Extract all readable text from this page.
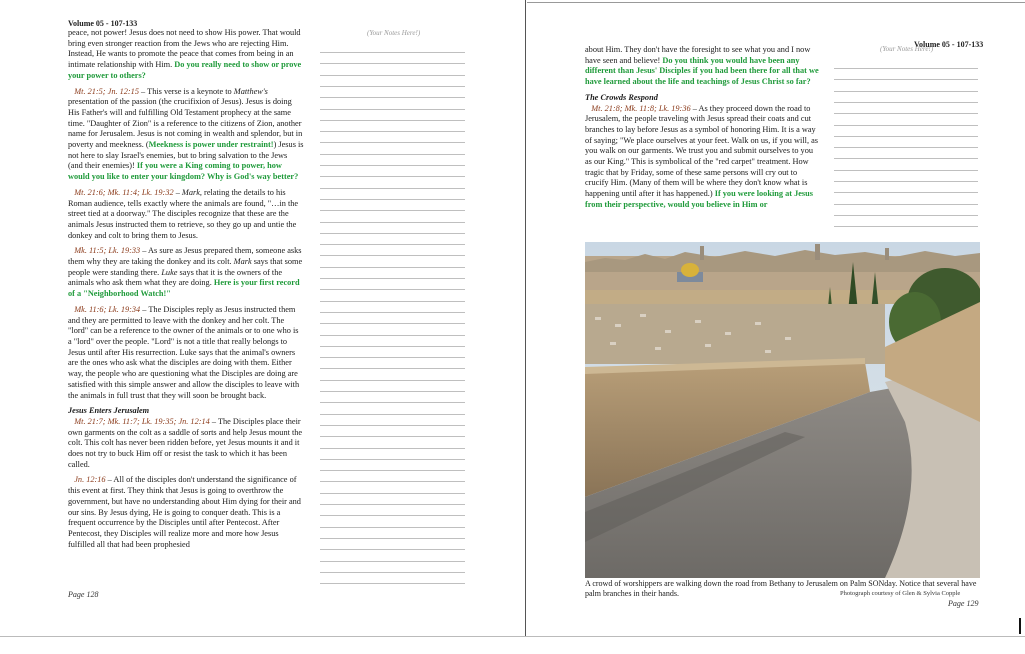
Volume 05 - 107-133

peace, not power! Jesus does not need to show His power. That would bring even stronger reaction from the Jews who are rejecting Him. Instead, He wants to promote the peace that comes from being in an intimate relationship with Him. Do you really need to show or prove your power to others?

Mt. 21:5; Jn. 12:15 – This verse is a keynote to Matthew's presentation of the passion (the crucifixion of Jesus). Jesus is doing His Father's will and fulfilling Old Testament prophecy at the same time. "Daughter of Zion" is a reference to the citizens of Zion, another name for Jerusalem. Jesus is not coming in wealth and splendor, but in poverty and meekness. (Meekness is power under restraint!) Jesus is not here to slay Israel's enemies, but to bring salvation to the Jews (and their enemies)! If you were a King coming to power, how would you like to enter your kingdom? Why is God's way better?

Mt. 21:6; Mk. 11:4; Lk. 19:32 – Mark, relating the details to his Roman audience, tells exactly where the animals are found, "…in the street tied at a doorway." The disciples recognize that these are the animals Jesus instructed them to retrieve, so they go up and untie the donkey and colt to bring them to Jesus.

Mk. 11:5; Lk. 19:33 – As sure as Jesus prepared them, someone asks them why they are taking the donkey and its colt. Mark says that some people were standing there. Luke says that it is the owners of the animals who ask them what they are doing. Here is your first record of a "Neighborhood Watch!"

Mk. 11:6; Lk. 19:34 – The Disciples reply as Jesus instructed them and they are permitted to leave with the donkey and her colt. The "lord" can be a reference to the owner of the animals or to one who is a "lord" over the people. "Lord" is not a title that really belongs to Jesus until after His resurrection. Luke says that the animal's owners are the ones who ask what the disciples are doing with them. Either way, the people who are questioning what the Disciples are doing are satisfied with this simple answer and allow the disciples to leave with the animals in full trust that they will soon be brought back.

Jesus Enters Jerusalem

Mt. 21:7; Mk. 11:7; Lk. 19:35; Jn. 12:14 – The Disciples place their own garments on the colt as a saddle of sorts and help Jesus mount the colt. This colt has never been ridden before, yet Jesus mounts it and it does not try to buck Him off or resist the task to which it has been called.

Jn. 12:16 – All of the disciples don't understand the significance of this event at first. They think that Jesus is going to overthrow the government, but have no understanding about Him dying for their and our sins. By Jesus dying, He is going to conquer death. This is a frequent occurrence by the Disciples until after Pentecost. After Pentecost, they Disciples will realize more and more how Jesus fulfilled all that had been prophesied

(Your Notes Here!)
Page 128
Volume 05 - 107-133
(Your Notes Here!)

about Him. They don't have the foresight to see what you and I now have seen and believe! Do you think you would have been any different than Jesus' Disciples if you had been there for all that we have learned about the life and teachings of Jesus Christ so far?

The Crowds Respond

Mt. 21:8; Mk. 11:8; Lk. 19:36 – As they proceed down the road to Jerusalem, the people traveling with Jesus spread their coats and cut branches to lay before Jesus as a symbol of honoring Him. It is a way of saying; "We place ourselves at your feet. Walk on us, if you will, as you walk on our garments. We trust you and submit ourselves to you as our King." This is symbolical of the "red carpet" treatment. How tragic that by Friday, some of these same persons will cry out to crucify Him. (Many of them will be where they don't know what is happening until after it has happened.) If you were looking at Jesus from their perspective, would you believe in Him or

A crowd of worshippers are walking down the road from Bethany to Jerusalem on Palm SONday. Notice that several have palm branches in their hands.	Photograph courtesy of Glen & Sylvia Copple
Page 129
